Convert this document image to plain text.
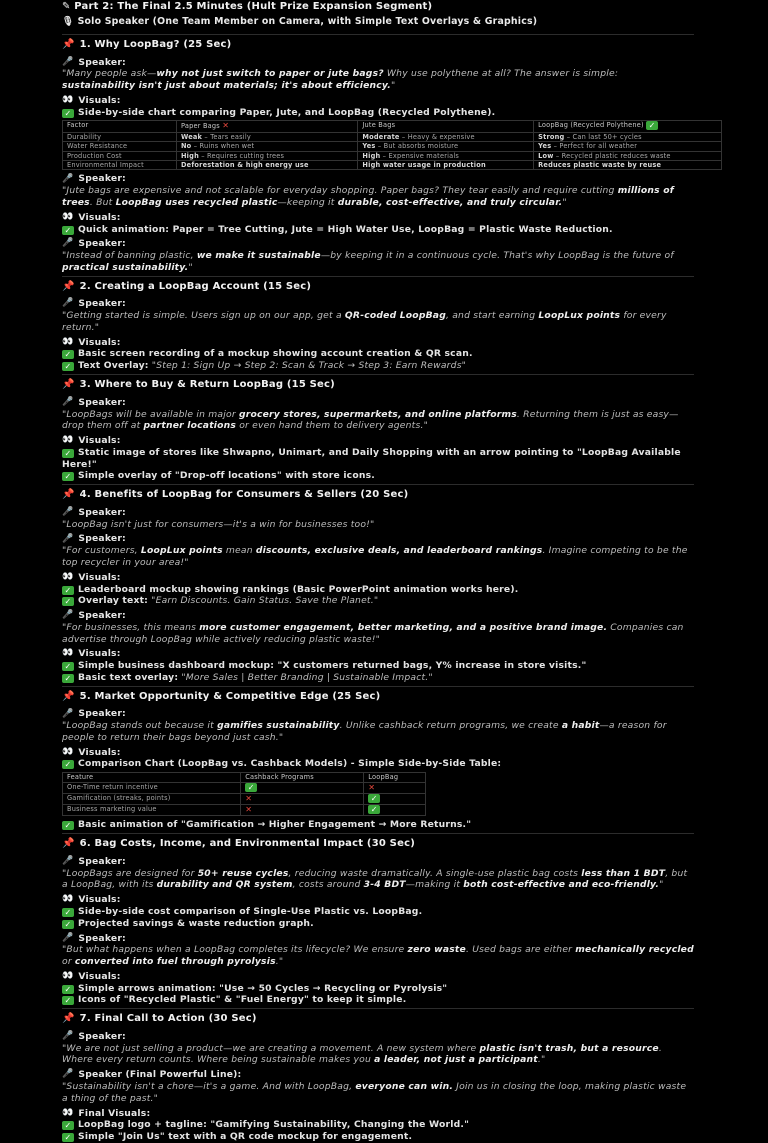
✎ Part 2: The Final 2.5 Minutes (Hult Prize Expansion Segment)
🎙 Solo Speaker (One Team Member on Camera, with Simple Text Overlays & Graphics)
📌 1. Why LoopBag? (25 Sec)
🎤 Speaker:
"Many people ask—why not just switch to paper or jute bags? Why use polythene at all? The answer is simple: sustainability isn't just about materials; it's about efficiency."
👀 Visuals:
✓ Side-by-side chart comparing Paper, Jute, and LoopBag (Recycled Polythene).
Factor	Paper Bags ✕	Jute Bags	LoopBag (Recycled Polythene) ✓
Durability	Weak – Tears easily	Moderate – Heavy & expensive	Strong – Can last 50+ cycles
Water Resistance	No – Ruins when wet	Yes – But absorbs moisture	Yes – Perfect for all weather
Production Cost	High – Requires cutting trees	High – Expensive materials	Low – Recycled plastic reduces waste
Environmental Impact	Deforestation & high energy use	High water usage in production	Reduces plastic waste by reuse
🎤 Speaker:
"Jute bags are expensive and not scalable for everyday shopping. Paper bags? They tear easily and require cutting millions of trees. But LoopBag uses recycled plastic—keeping it durable, cost-effective, and truly circular."
👀 Visuals:
✓ Quick animation: Paper = Tree Cutting, Jute = High Water Use, LoopBag = Plastic Waste Reduction.
🎤 Speaker:
"Instead of banning plastic, we make it sustainable—by keeping it in a continuous cycle. That's why LoopBag is the future of practical sustainability."
📌 2. Creating a LoopBag Account (15 Sec)
🎤 Speaker:
"Getting started is simple. Users sign up on our app, get a QR-coded LoopBag, and start earning LoopLux points for every return."
👀 Visuals:
✓ Basic screen recording of a mockup showing account creation & QR scan.
✓ Text Overlay: "Step 1: Sign Up → Step 2: Scan & Track → Step 3: Earn Rewards"
📌 3. Where to Buy & Return LoopBag (15 Sec)
🎤 Speaker:
"LoopBags will be available in major grocery stores, supermarkets, and online platforms. Returning them is just as easy—drop them off at partner locations or even hand them to delivery agents."
👀 Visuals:
✓ Static image of stores like Shwapno, Unimart, and Daily Shopping with an arrow pointing to "LoopBag Available Here!"
✓ Simple overlay of "Drop-off locations" with store icons.
📌 4. Benefits of LoopBag for Consumers & Sellers (20 Sec)
🎤 Speaker:
"LoopBag isn't just for consumers—it's a win for businesses too!"
🎤 Speaker:
"For customers, LoopLux points mean discounts, exclusive deals, and leaderboard rankings. Imagine competing to be the top recycler in your area!"
👀 Visuals:
✓ Leaderboard mockup showing rankings (Basic PowerPoint animation works here).
✓ Overlay text: "Earn Discounts. Gain Status. Save the Planet."
🎤 Speaker:
"For businesses, this means more customer engagement, better marketing, and a positive brand image. Companies can advertise through LoopBag while actively reducing plastic waste!"
👀 Visuals:
✓ Simple business dashboard mockup: "X customers returned bags, Y% increase in store visits."
✓ Basic text overlay: "More Sales | Better Branding | Sustainable Impact."
📌 5. Market Opportunity & Competitive Edge (25 Sec)
🎤 Speaker:
"LoopBag stands out because it gamifies sustainability. Unlike cashback return programs, we create a habit—a reason for people to return their bags beyond just cash."
👀 Visuals:
✓ Comparison Chart (LoopBag vs. Cashback Models) - Simple Side-by-Side Table:
Feature	Cashback Programs	LoopBag
One-Time return incentive	✓	✕
Gamification (streaks, points)	✕	✓
Business marketing value	✕	✓
✓ Basic animation of "Gamification → Higher Engagement → More Returns."
📌 6. Bag Costs, Income, and Environmental Impact (30 Sec)
🎤 Speaker:
"LoopBags are designed for 50+ reuse cycles, reducing waste dramatically. A single-use plastic bag costs less than 1 BDT, but a LoopBag, with its durability and QR system, costs around 3-4 BDT—making it both cost-effective and eco-friendly."
👀 Visuals:
✓ Side-by-side cost comparison of Single-Use Plastic vs. LoopBag.
✓ Projected savings & waste reduction graph.
🎤 Speaker:
"But what happens when a LoopBag completes its lifecycle? We ensure zero waste. Used bags are either mechanically recycled or converted into fuel through pyrolysis."
👀 Visuals:
✓ Simple arrows animation: "Use → 50 Cycles → Recycling or Pyrolysis"
✓ Icons of "Recycled Plastic" & "Fuel Energy" to keep it simple.
📌 7. Final Call to Action (30 Sec)
🎤 Speaker:
"We are not just selling a product—we are creating a movement. A new system where plastic isn't trash, but a resource. Where every return counts. Where being sustainable makes you a leader, not just a participant."
🎤 Speaker (Final Powerful Line):
"Sustainability isn't a chore—it's a game. And with LoopBag, everyone can win. Join us in closing the loop, making plastic waste a thing of the past."
👀 Final Visuals:
✓ LoopBag logo + tagline: "Gamifying Sustainability, Changing the World."
✓ Simple "Join Us" text with a QR code mockup for engagement.
